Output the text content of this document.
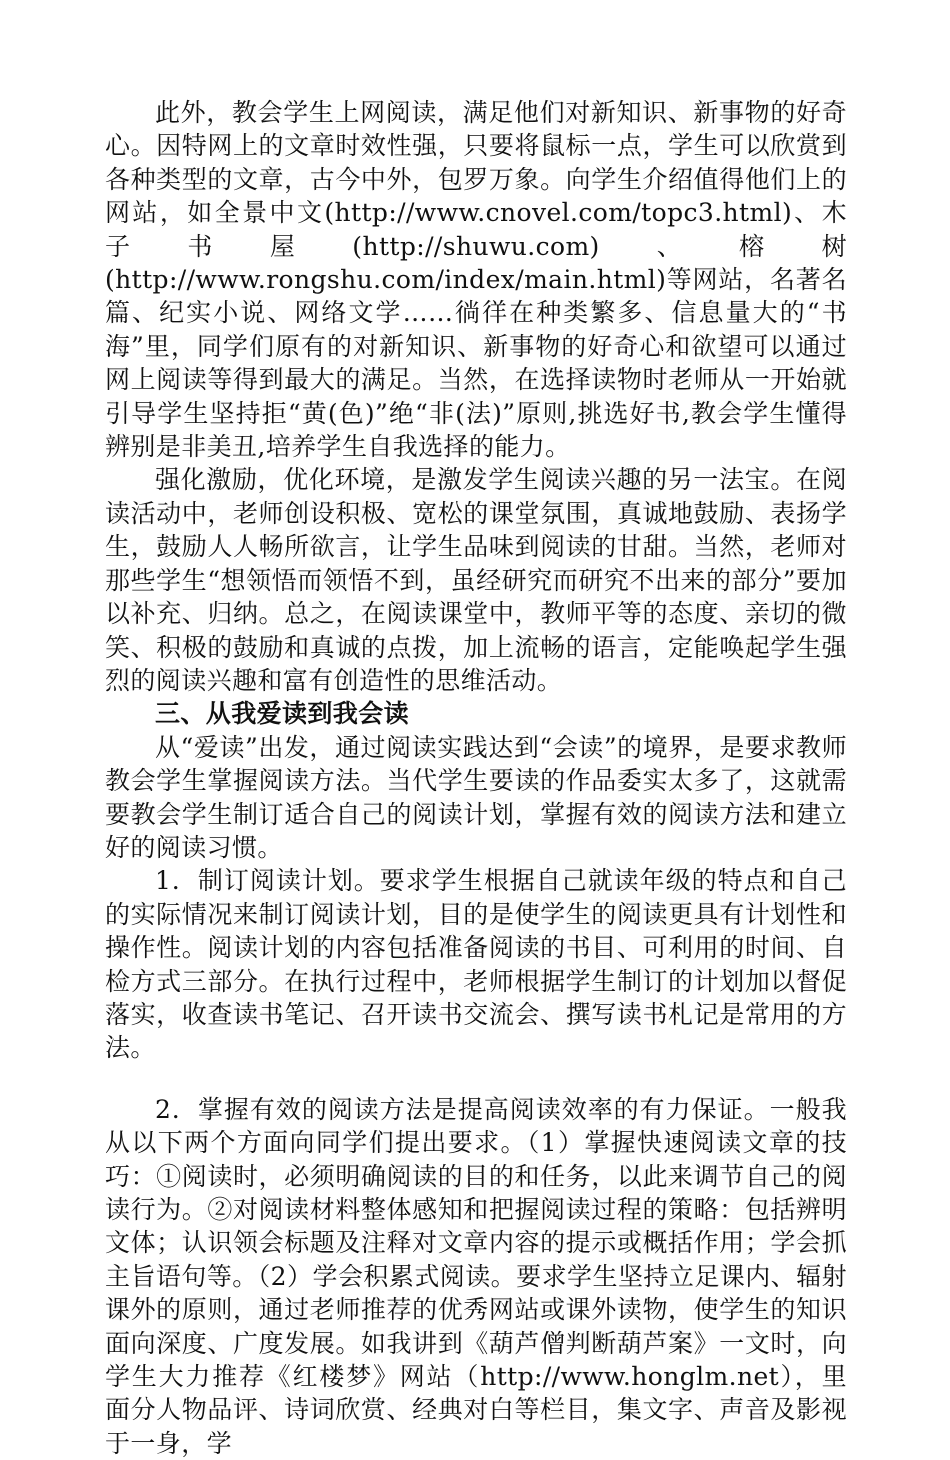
此外，教会学生上网阅读，满足他们对新知识、新事物的好奇心。因特网上的文章时效性强，只要将鼠标一点，学生可以欣赏到各种类型的文章，古今中外，包罗万象。向学生介绍值得他们上的网站，如全景中文(http://www.cnovel.com/topc3.html)、木子书屋(http://shuwu.com)、榕树(http://www.rongshu.com/index/main.html)等网站，名著名篇、纪实小说、网络文学……徜徉在种类繁多、信息量大的“书海”里，同学们原有的对新知识、新事物的好奇心和欲望可以通过网上阅读等得到最大的满足。当然，在选择读物时老师从一开始就引导学生坚持拒“黄(色)”绝“非(法)”原则,挑选好书,教会学生懂得辨别是非美丑,培养学生自我选择的能力。

强化激励，优化环境，是激发学生阅读兴趣的另一法宝。在阅读活动中，老师创设积极、宽松的课堂氛围，真诚地鼓励、表扬学生，鼓励人人畅所欲言，让学生品味到阅读的甘甜。当然，老师对那些学生“想领悟而领悟不到，虽经研究而研究不出来的部分”要加以补充、归纳。总之，在阅读课堂中，教师平等的态度、亲切的微笑、积极的鼓励和真诚的点拨，加上流畅的语言，定能唤起学生强烈的阅读兴趣和富有创造性的思维活动。

三、从我爱读到我会读

从“爱读”出发，通过阅读实践达到“会读”的境界，是要求教师教会学生掌握阅读方法。当代学生要读的作品委实太多了，这就需要教会学生制订适合自己的阅读计划，掌握有效的阅读方法和建立好的阅读习惯。

1．制订阅读计划。要求学生根据自己就读年级的特点和自己的实际情况来制订阅读计划，目的是使学生的阅读更具有计划性和操作性。阅读计划的内容包括准备阅读的书目、可利用的时间、自检方式三部分。在执行过程中，老师根据学生制订的计划加以督促落实，收查读书笔记、召开读书交流会、撰写读书札记是常用的方法。

2．掌握有效的阅读方法是提高阅读效率的有力保证。一般我从以下两个方面向同学们提出要求。（1）掌握快速阅读文章的技巧：①阅读时，必须明确阅读的目的和任务，以此来调节自己的阅读行为。②对阅读材料整体感知和把握阅读过程的策略：包括辨明文体；认识领会标题及注释对文章内容的提示或概括作用；学会抓主旨语句等。（2）学会积累式阅读。要求学生坚持立足课内、辐射课外的原则，通过老师推荐的优秀网站或课外读物，使学生的知识面向深度、广度发展。如我讲到《葫芦僧判断葫芦案》一文时，向学生大力推荐《红楼梦》网站（http://www.honglm.net），里面分人物品评、诗词欣赏、经典对白等栏目，集文字、声音及影视于一身，学
